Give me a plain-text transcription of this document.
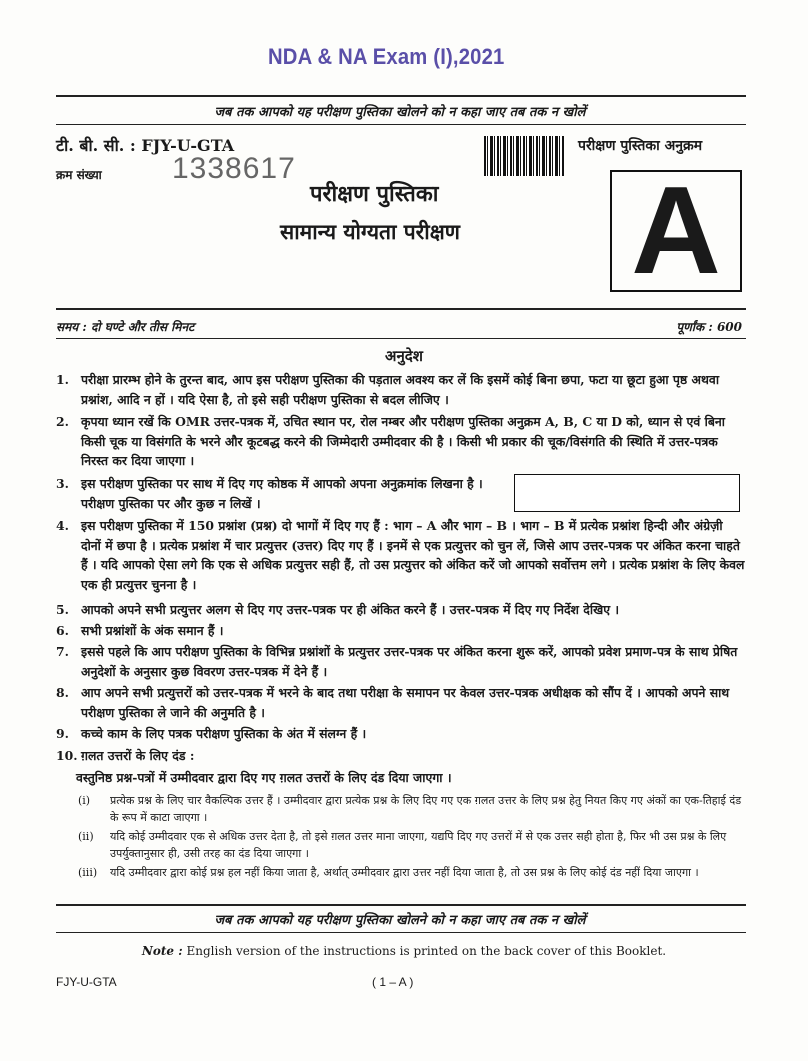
NDA & NA Exam (I),2021
जब तक आपको यह परीक्षण पुस्तिका खोलने को न कहा जाए तब तक न खोलें
टी. बी. सी. : FJY-U-GTA
क्रम संख्या 1338617
परीक्षण पुस्तिका अनुक्रम
परीक्षण पुस्तिका
सामान्य योग्यता परीक्षण A
समय : दो घण्टे और तीस मिनट	पूर्णांक : 600
अनुदेश
1. परीक्षा प्रारम्भ होने के तुरन्त बाद, आप इस परीक्षण पुस्तिका की पड़ताल अवश्य कर लें कि इसमें कोई बिना छपा, फटा या छूटा हुआ पृष्ठ अथवा प्रश्नांश, आदि न हों । यदि ऐसा है, तो इसे सही परीक्षण पुस्तिका से बदल लीजिए ।
2. कृपया ध्यान रखें कि OMR उत्तर-पत्रक में, उचित स्थान पर, रोल नम्बर और परीक्षण पुस्तिका अनुक्रम A, B, C या D को, ध्यान से एवं बिना किसी चूक या विसंगति के भरने और कूटबद्ध करने की जिम्मेदारी उम्मीदवार की है । किसी भी प्रकार की चूक/विसंगति की स्थिति में उत्तर-पत्रक निरस्त कर दिया जाएगा ।
3. इस परीक्षण पुस्तिका पर साथ में दिए गए कोष्ठक में आपको अपना अनुक्रमांक लिखना है । परीक्षण पुस्तिका पर और कुछ न लिखें ।
4. इस परीक्षण पुस्तिका में 150 प्रश्नांश (प्रश्न) दो भागों में दिए गए हैं : भाग – A और भाग – B । भाग – B में प्रत्येक प्रश्नांश हिन्दी और अंग्रेज़ी दोनों में छपा है । प्रत्येक प्रश्नांश में चार प्रत्युत्तर (उत्तर) दिए गए हैं । इनमें से एक प्रत्युत्तर को चुन लें, जिसे आप उत्तर-पत्रक पर अंकित करना चाहते हैं । यदि आपको ऐसा लगे कि एक से अधिक प्रत्युत्तर सही हैं, तो उस प्रत्युत्तर को अंकित करें जो आपको सर्वोत्तम लगे । प्रत्येक प्रश्नांश के लिए केवल एक ही प्रत्युत्तर चुनना है ।
5. आपको अपने सभी प्रत्युत्तर अलग से दिए गए उत्तर-पत्रक पर ही अंकित करने हैं । उत्तर-पत्रक में दिए गए निर्देश देखिए ।
6. सभी प्रश्नांशों के अंक समान हैं ।
7. इससे पहले कि आप परीक्षण पुस्तिका के विभिन्न प्रश्नांशों के प्रत्युत्तर उत्तर-पत्रक पर अंकित करना शुरू करें, आपको प्रवेश प्रमाण-पत्र के साथ प्रेषित अनुदेशों के अनुसार कुछ विवरण उत्तर-पत्रक में देने हैं ।
8. आप अपने सभी प्रत्युत्तरों को उत्तर-पत्रक में भरने के बाद तथा परीक्षा के समापन पर केवल उत्तर-पत्रक अधीक्षक को सौंप दें । आपको अपने साथ परीक्षण पुस्तिका ले जाने की अनुमति है ।
9. कच्चे काम के लिए पत्रक परीक्षण पुस्तिका के अंत में संलग्न हैं ।
10. ग़लत उत्तरों के लिए दंड :
वस्तुनिष्ठ प्रश्न-पत्रों में उम्मीदवार द्वारा दिए गए ग़लत उत्तरों के लिए दंड दिया जाएगा ।
(i) प्रत्येक प्रश्न के लिए चार वैकल्पिक उत्तर हैं । उम्मीदवार द्वारा प्रत्येक प्रश्न के लिए दिए गए एक ग़लत उत्तर के लिए प्रश्न हेतु नियत किए गए अंकों का एक-तिहाई दंड के रूप में काटा जाएगा ।
(ii) यदि कोई उम्मीदवार एक से अधिक उत्तर देता है, तो इसे ग़लत उत्तर माना जाएगा, यद्यपि दिए गए उत्तरों में से एक उत्तर सही होता है, फिर भी उस प्रश्न के लिए उपर्युक्तानुसार ही, उसी तरह का दंड दिया जाएगा ।
(iii) यदि उम्मीदवार द्वारा कोई प्रश्न हल नहीं किया जाता है, अर्थात् उम्मीदवार द्वारा उत्तर नहीं दिया जाता है, तो उस प्रश्न के लिए कोई दंड नहीं दिया जाएगा ।
जब तक आपको यह परीक्षण पुस्तिका खोलने को न कहा जाए तब तक न खोलें
Note : English version of the instructions is printed on the back cover of this Booklet.
FJY-U-GTA	( 1 – A )
